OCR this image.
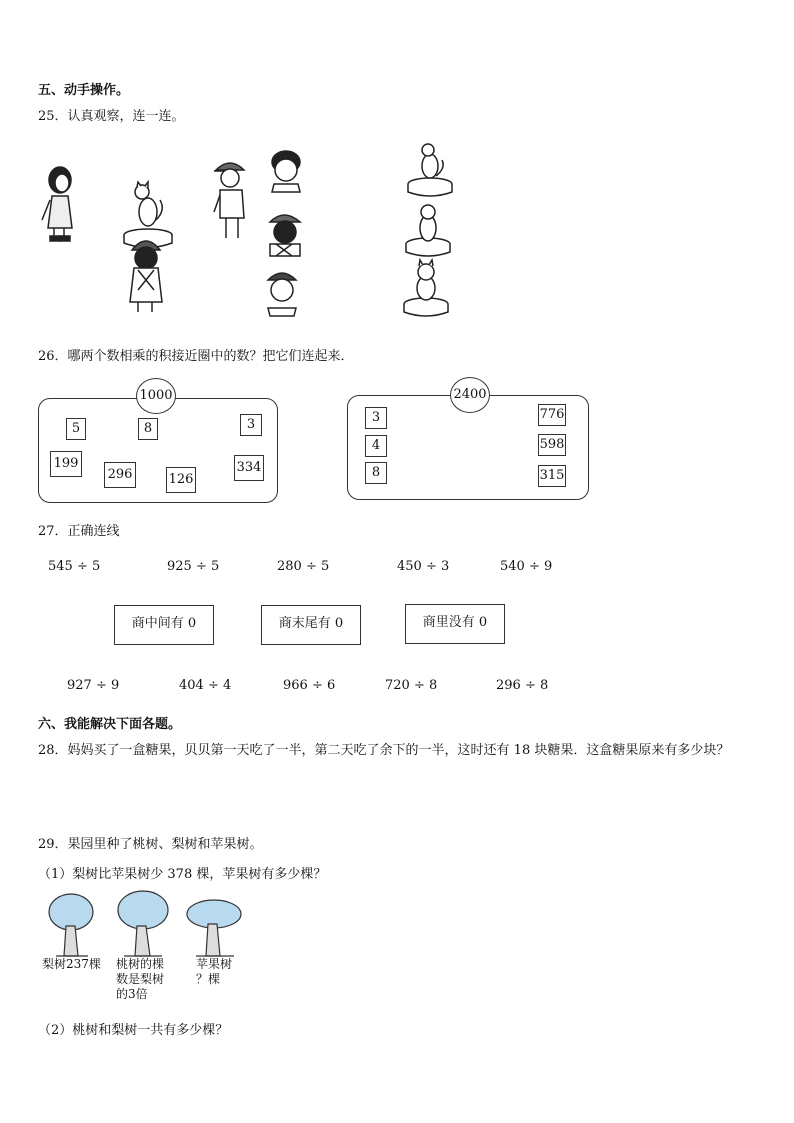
五、动手操作。
25．认真观察，连一连。
26．哪两个数相乘的积接近圈中的数？把它们连起来．
1000
5	8	3
199
296	126
334
2400
3
4
8
776
598
315
27．正确连线
545 ÷ 5	925 ÷ 5	280 ÷ 5	450 ÷ 3	540 ÷ 9
商中间有 0	商末尾有 0	商里没有 0
927 ÷ 9	404 ÷ 4	966 ÷ 6	720 ÷ 8	296 ÷ 8
六、我能解决下面各题。
28．妈妈买了一盒糖果，贝贝第一天吃了一半，第二天吃了余下的一半，这时还有 18 块糖果．这盒糖果原来有多少块？
29．果园里种了桃树、梨树和苹果树。
（1）梨树比苹果树少 378 棵，苹果树有多少棵？
梨树237棵 桃树的棵数是梨树的3倍
苹果树 ？棵
（2）桃树和梨树一共有多少棵？
